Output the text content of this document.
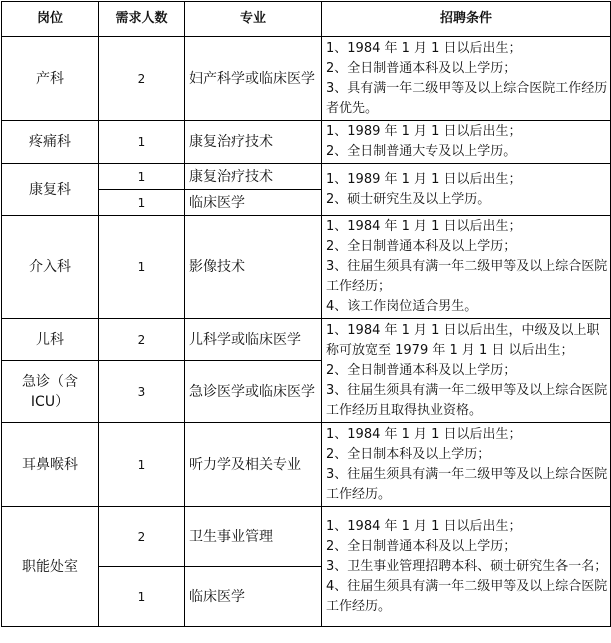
岗位	需求人数	专业	招聘条件
产科	2	妇产科学或临床医学	1、1984 年 1 月 1 日以后出生；
2、全日制普通本科及以上学历；
3、具有满一年二级甲等及以上综合医院工作经历者优先。

疼痛科	1	康复治疗技术	1、1989 年 1 月 1 日以后出生；
2、全日制普通大专及以上学历。

康复科	1	康复治疗技术	1、1989 年 1 月 1 日以后出生；
2、硕士研究生及以上学历。

	1	临床医学	
介入科	1	影像技术	1、1984 年 1 月 1 日以后出生；
2、全日制普通本科及以上学历；
3、往届生须具有满一年二级甲等及以上综合医院工作经历；
4、该工作岗位适合男生。

儿科	2	儿科学或临床医学	1、1984 年 1 月 1 日以后出生，中级及以上职称可放宽至 1979 年 1 月 1 日 以后出生；
2、全日制普通本科及以上学历；
3、往届生须具有满一年二级甲等及以上综合医院工作经历且取得执业资格。

急诊（含 ICU）	3	急诊医学或临床医学	
耳鼻喉科	1	听力学及相关专业	1、1984 年 1 月 1 日以后出生；
2、全日制本科及以上学历；
3、往届生须具有满一年二级甲等及以上综合医院工作经历。

职能处室	2	卫生事业管理	1、1984 年 1 月 1 日以后出生；
2、全日制普通本科及以上学历；
3、卫生事业管理招聘本科、硕士研究生各一名；
4、往届生须具有满一年二级甲等及以上综合医院工作经历。

	1	临床医学	
